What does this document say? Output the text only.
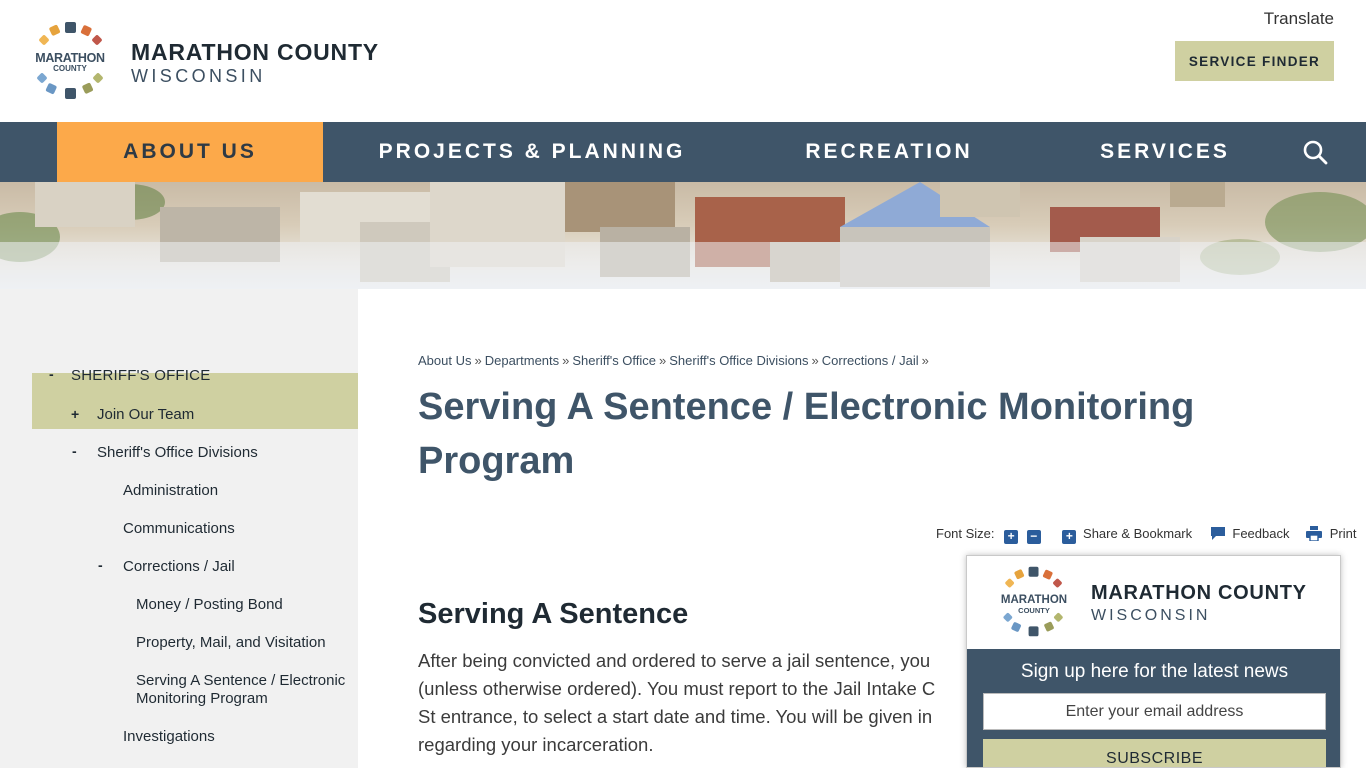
MARATHON
COUNTY
MARATHON COUNTY
WISCONSIN
Translate
SERVICE FINDER
ABOUT US	PROJECTS & PLANNING	RECREATION	SERVICES
- SHERIFF'S OFFICE
+ Join Our Team
- Sheriff's Office Divisions
Administration
Communications
- Corrections / Jail
Money / Posting Bond
Property, Mail, and Visitation
Serving A Sentence / Electronic
Monitoring Program
Investigations
About Us » Departments » Sheriff's Office » Sheriff's Office Divisions » Corrections / Jail »
Serving A Sentence / Electronic Monitoring
Program
Font Size: + − + Share & Bookmark	Feedback	Print
Serving A Sentence
After being convicted and ordered to serve a jail sentence, you
(unless otherwise ordered). You must report to the Jail Intake C
St entrance, to select a start date and time. You will be given in
regarding your incarceration.
MARATHON
COUNTY
MARATHON COUNTY
WISCONSIN
Sign up here for the latest news
Enter your email address
SUBSCRIBE
